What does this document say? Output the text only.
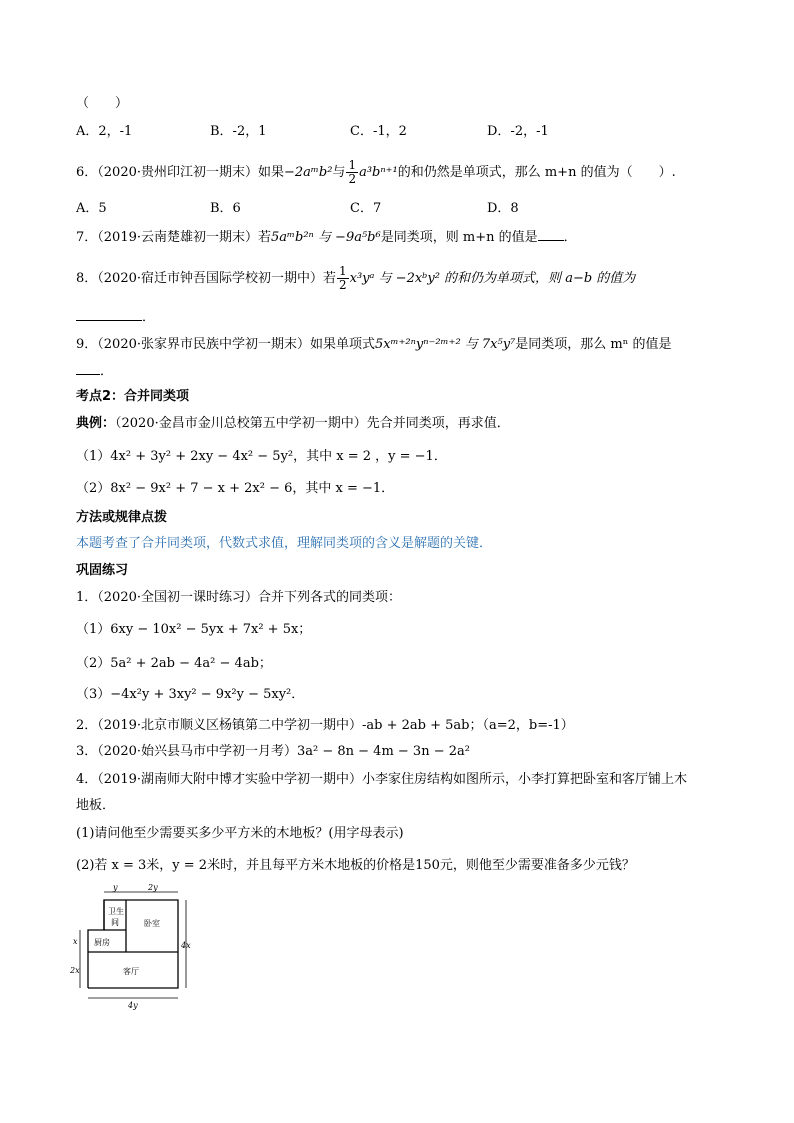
（　　）
A．2，-1	B．-2，1	C．-1，2	D．-2，-1
6．（2020·贵州印江初一期末）如果−2aᵐb²与 $\frac{1}{2} a^3b^{n+1}$的和仍然是单项式，那么 m+n 的值为（　　）.
A．5	B．6	C．7	D．8
7．（2019·云南楚雄初一期末）若5aᵐb²ⁿ 与 −9a⁵b⁶是同类项，则 m+n 的值是 ．
8．（2020·宿迁市钟吾国际学校初一期中）若 $\frac{1}{2}$ x³yᵃ 与 −2xᵇy² 的和仍为单项式，则 a−b 的值为
．
9．（2020·张家界市民族中学初一期末）如果单项式5xᵐ⁺²ⁿyⁿ⁻²ᵐ⁺² 与 7x⁵y⁷是同类项，那么 mⁿ 的值是
．
考点2：合并同类项
典例：（2020·金昌市金川总校第五中学初一期中）先合并同类项，再求值．
（1）4x² + 3y² + 2xy − 4x² − 5y²，其中 x = 2 ，y = −1．
（2）8x² − 9x² + 7 − x + 2x² − 6，其中 x = −1．
方法或规律点拨
本题考查了合并同类项，代数式求值，理解同类项的含义是解题的关键．
巩固练习
1．（2020·全国初一课时练习）合并下列各式的同类项：
（1）6xy − 10x² − 5yx + 7x² + 5x；
（2）5a² + 2ab − 4a² − 4ab；
（3）−4x²y + 3xy² − 9x²y − 5xy²．
2．（2019·北京市顺义区杨镇第二中学初一期中）-ab + 2ab + 5ab；（a=2，b=-1）
3．（2020·始兴县马市中学初一月考）3a² − 8n − 4m − 3n − 2a²
4．（2019·湖南师大附中博才实验中学初一期中）小李家住房结构如图所示，小李打算把卧室和客厅铺上木
地板．
(1)请问他至少需要买多少平方米的木地板？(用字母表示)
(2)若 x = 3米，y = 2米时，并且每平方米木地板的价格是150元，则他至少需要准备多少元钱？
y	2y
卫生
间	卧室
厨房
客厅
x
2x
4x
4y
